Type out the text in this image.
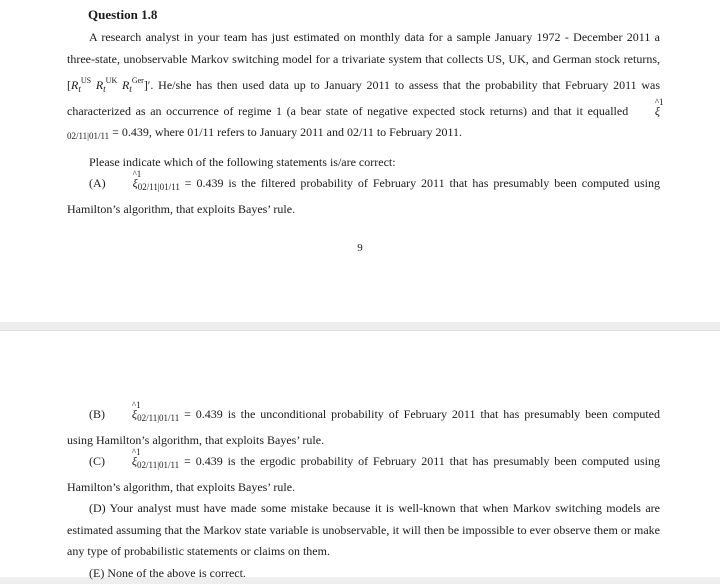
Question 1.8

A research analyst in your team has just estimated on monthly data for a sample January 1972 - December 2011 a three-state, unobservable Markov switching model for a trivariate system that collects US, UK, and German stock returns, [$R_t^{US}$ $R_t^{UK}$ $R_t^{Ger}]'$. He/she has then used data up to January 2011 to assess that the probability that February 2011 was characterized as an occurrence of regime 1 (a bear state of negative expected stock returns) and that it equalled
^1
$\xi_{02/11|01/11} = 0.439$, where 01/11 refers to January 2011 and 02/11 to February 2011.

Please indicate which of the following statements is/are correct:

(A)
^1
$\xi_{02/11|01/11} = 0.439$ is the filtered probability of February 2011 that has presumably been computed using Hamilton’s algorithm, that exploits Bayes’ rule.

9

(B)
^1
$\xi_{02/11|01/11} = 0.439$ is the unconditional probability of February 2011 that has presumably been computed using Hamilton’s algorithm, that exploits Bayes’ rule.

(C)
^1
$\xi_{02/11|01/11} = 0.439$ is the ergodic probability of February 2011 that has presumably been computed using Hamilton’s algorithm, that exploits Bayes’ rule.

(D) Your analyst must have made some mistake because it is well-known that when Markov switching models are estimated assuming that the Markov state variable is unobservable, it will then be impossible to ever observe them or make any type of probabilistic statements or claims on them.

(E) None of the above is correct.
